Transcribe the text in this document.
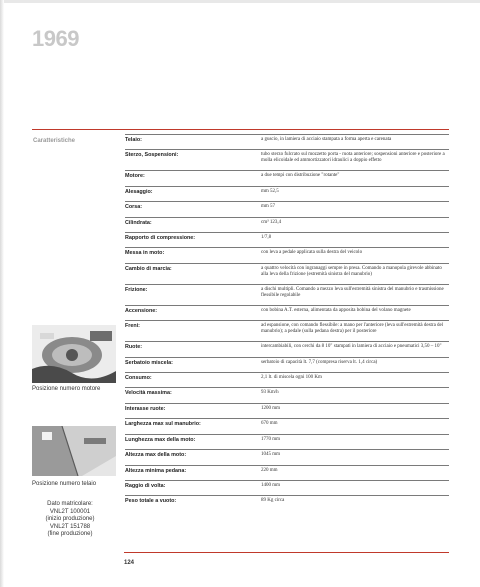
1969
Caratteristiche	Telaio:	a guscio, in lamiera di acciaio stampata a forma aperta e carenata
Sterzo, Sospensioni:	tubo sterzo fulcrato sul mozzetto porta - ruota anteriore; sospensioni anteriore e posteriore a molla elicoidale ed ammortizzatori idraulici a doppio effetto
Motore:	a due tempi con distribuzione "rotante"
Alesaggio:	mm 52,5
Corsa:	mm 57
Cilindrata:	cm³ 123,4
Rapporto di compressione:	1/7,8
Messa in moto:	con leva a pedale applicata sulla destra del veicolo
Cambio di marcia:	a quattro velocità con ingranaggi sempre in presa. Comando a manopola girevole abbinato alla leva della frizione (estremità sinistra del manubrio)
Frizione:	a dischi multipli. Comando a mezzo leva sull'estremità sinistra del manubrio e trasmissione flessibile regolabile
Accensione:	con bobina A.T. esterna, alimentata da apposita bobina del volano magnete
Freni:	ad espansione, con comando flessibile: a mano per l'anteriore (leva sull'estremità destra del manubrio); a pedale (sulla pedana destra) per il posteriore
Ruote:	intercambiabili, con cerchi da 8 10" stampati in lamiera di acciaio e pneumatici 3,50 – 10"
Serbatoio miscela:	serbatoio di capacità lt. 7,7 (compresa riserva lt. 1,4 circa)
Consumo:	2,1 lt. di miscela ogni 100 Km
Velocità massima:	93 Km/h
Interasse ruote:	1200 mm
Larghezza max sul manubrio:	670 mm
Lunghezza max della moto:	1770 mm
Altezza max della moto:	1045 mm
Altezza minima pedana:	220 mm
Raggio di volta:	1400 mm
Peso totale a vuoto:	89 Kg circa
Posizione numero motore
Posizione numero telaio
Dato matricolare:
VNL2T 100001
(inizio produzione)
VNL2T 151788
(fine produzione)
124
